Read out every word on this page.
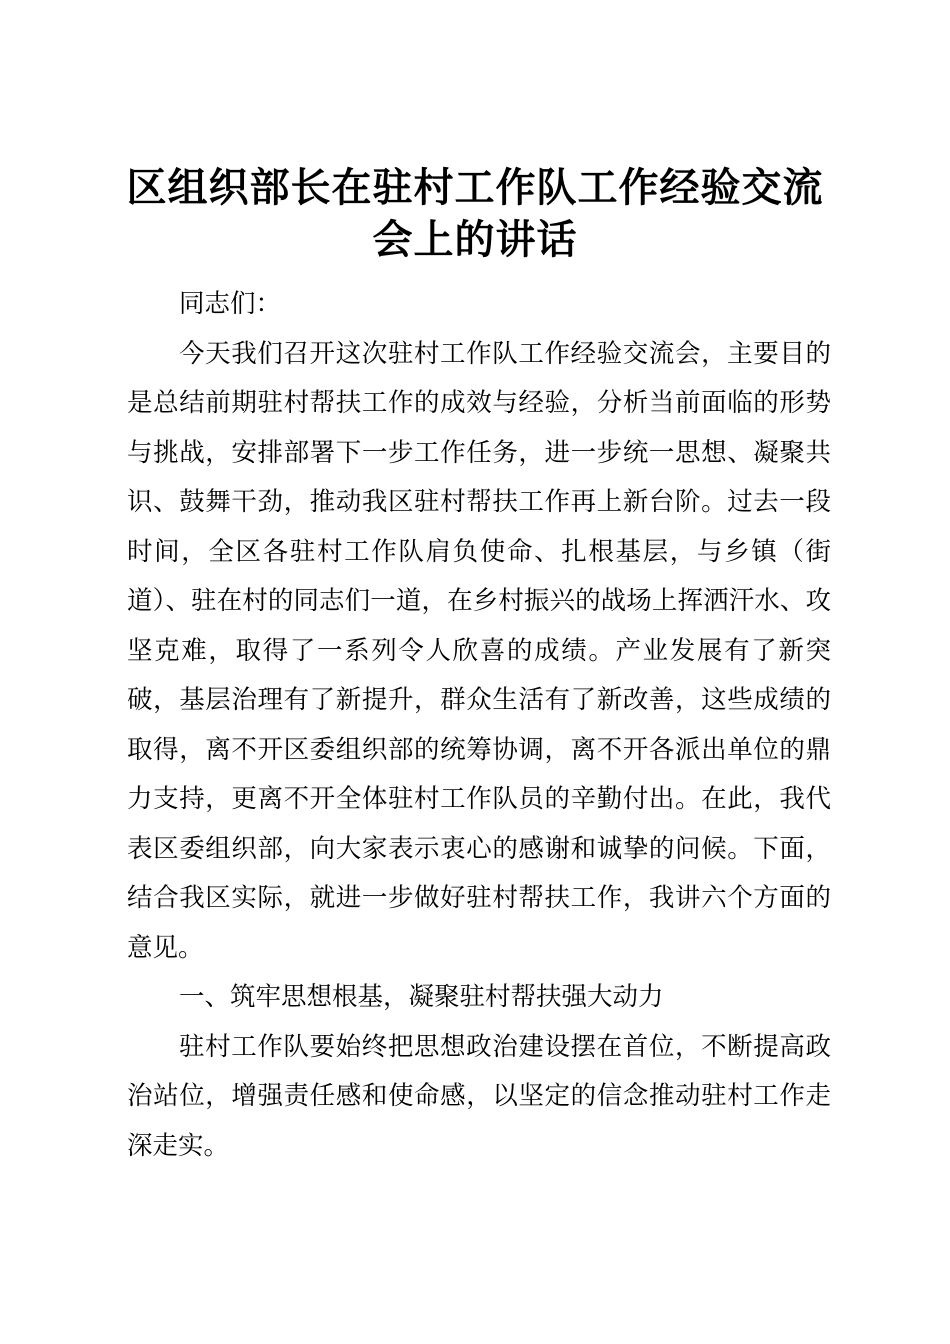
区组织部长在驻村工作队工作经验交流会上的讲话

同志们：

今天我们召开这次驻村工作队工作经验交流会，主要目的是总结前期驻村帮扶工作的成效与经验，分析当前面临的形势与挑战，安排部署下一步工作任务，进一步统一思想、凝聚共识、鼓舞干劲，推动我区驻村帮扶工作再上新台阶。过去一段时间，全区各驻村工作队肩负使命、扎根基层，与乡镇（街道）、驻在村的同志们一道，在乡村振兴的战场上挥洒汗水、攻坚克难，取得了一系列令人欣喜的成绩。产业发展有了新突破，基层治理有了新提升，群众生活有了新改善，这些成绩的取得，离不开区委组织部的统筹协调，离不开各派出单位的鼎力支持，更离不开全体驻村工作队员的辛勤付出。在此，我代表区委组织部，向大家表示衷心的感谢和诚挚的问候。下面，结合我区实际，就进一步做好驻村帮扶工作，我讲六个方面的意见。

一、筑牢思想根基，凝聚驻村帮扶强大动力

驻村工作队要始终把思想政治建设摆在首位，不断提高政治站位，增强责任感和使命感，以坚定的信念推动驻村工作走深走实。
